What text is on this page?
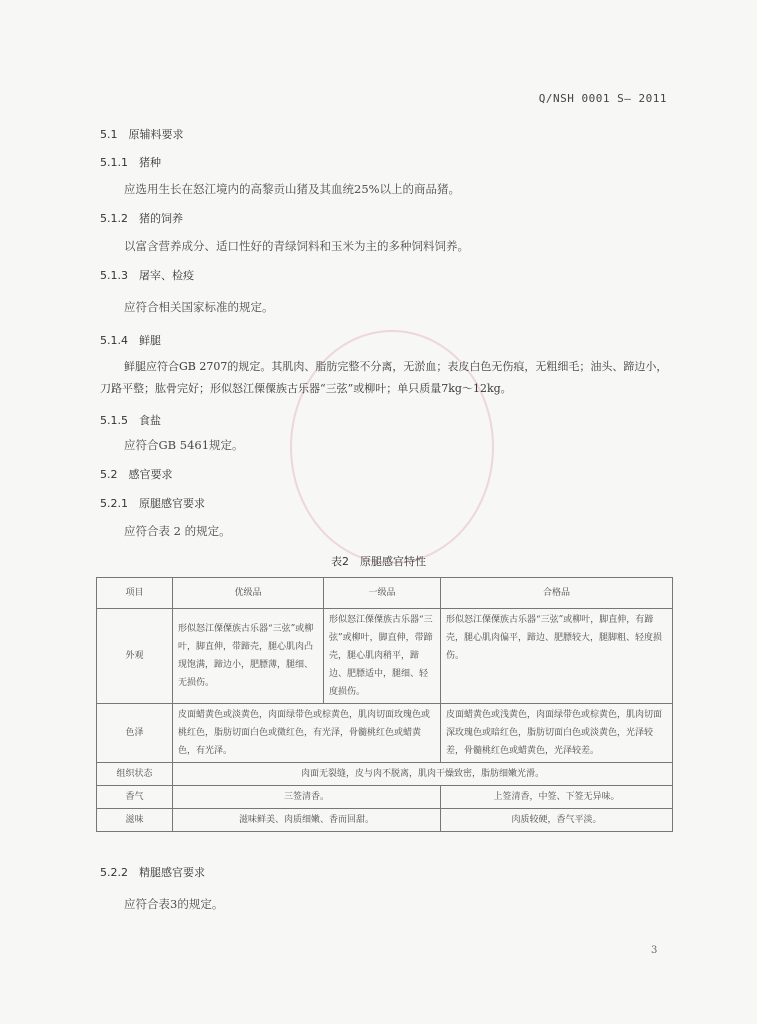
Q/NSH 0001 S— 2011
5.1　原辅料要求
5.1.1　猪种
应选用生长在怒江境内的高黎贡山猪及其血统25%以上的商品猪。
5.1.2　猪的饲养
以富含营养成分、适口性好的青绿饲料和玉米为主的多种饲料饲养。
5.1.3　屠宰、检疫
应符合相关国家标准的规定。
5.1.4　鲜腿
鲜腿应符合GB 2707的规定。其肌肉、脂肪完整不分离，无淤血；表皮白色无伤痕，无粗细毛；油头、蹄边小，刀路平整；肱骨完好；形似怒江傈僳族古乐器“三弦”或柳叶；单只质量7kg～12kg。
5.1.5　食盐
应符合GB 5461规定。
5.2　感官要求
5.2.1　原腿感官要求
应符合表 2 的规定。
表2　原腿感官特性
项目	优级品	一级品	合格品
外观	形似怒江傈僳族古乐器“三弦”或柳叶，脚直伸，带蹄壳，腿心肌肉凸现饱满，蹄边小，肥膘薄，腿细、无损伤。	形似怒江傈僳族古乐器“三弦”或柳叶，脚直伸，带蹄壳，腿心肌肉稍平，蹄边、肥膘适中，腿细、轻度损伤。	形似怒江傈僳族古乐器“三弦”或柳叶，脚直伸，有蹄壳，腿心肌肉偏平，蹄边、肥膘较大，腿脚粗、轻度损伤。
色泽	皮面蜡黄色或淡黄色，肉面绿带色或棕黄色，肌肉切面玫瑰色或桃红色，脂肪切面白色或微红色，有光泽，骨髓桃红色或蜡黄色，有光泽。		皮面蜡黄色或浅黄色，肉面绿带色或棕黄色，肌肉切面深玫瑰色或暗红色，脂肪切面白色或淡黄色，光泽较差，骨髓桃红色或蜡黄色，光泽较差。
组织状态	肉面无裂缝，皮与肉不脱离，肌肉干燥致密，脂肪细嫩光滑。		
香气	三签清香。		上签清香，中签、下签无异味。
滋味	滋味鲜美、肉质细嫩、香而回甜。		肉质较硬，香气平淡。
5.2.2　精腿感官要求
应符合表3的规定。
3
